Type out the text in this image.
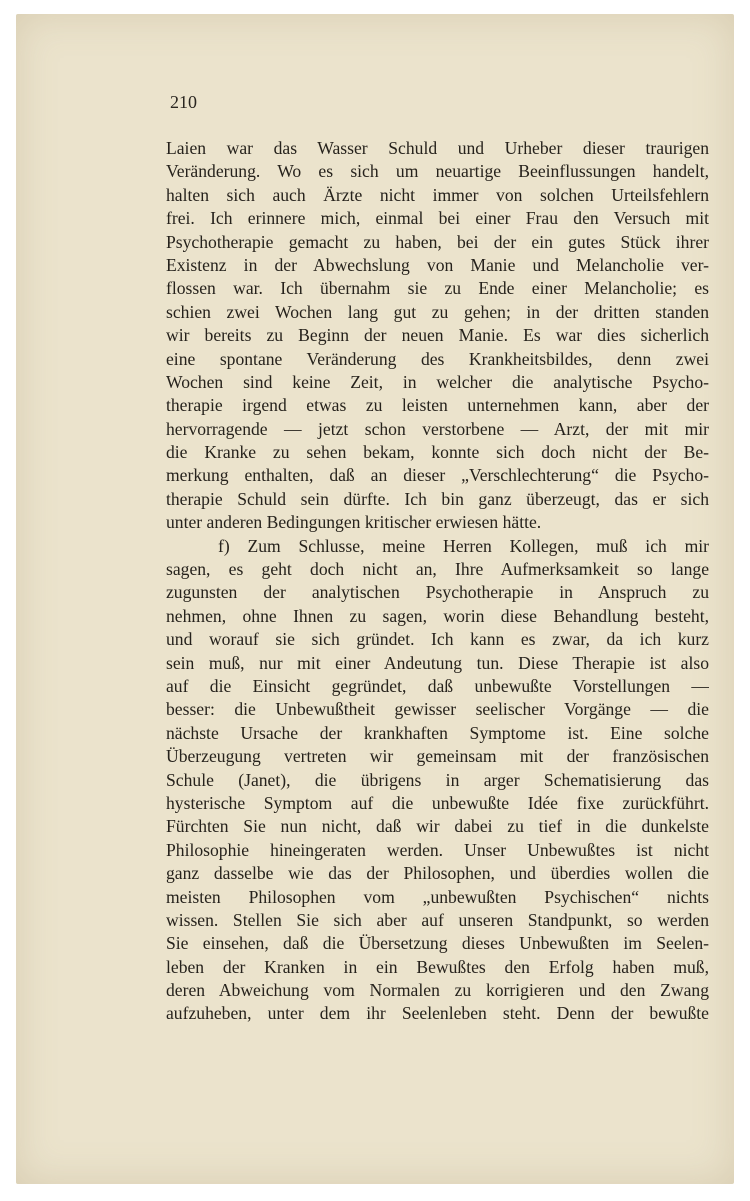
210

Laien war das Wasser Schuld und Urheber dieser traurigen
Veränderung. Wo es sich um neuartige Beeinflussungen handelt,
halten sich auch Ärzte nicht immer von solchen Urteilsfehlern
frei. Ich erinnere mich, einmal bei einer Frau den Versuch mit
Psychotherapie gemacht zu haben, bei der ein gutes Stück ihrer
Existenz in der Abwechslung von Manie und Melancholie ver-
flossen war. Ich übernahm sie zu Ende einer Melancholie; es
schien zwei Wochen lang gut zu gehen; in der dritten standen
wir bereits zu Beginn der neuen Manie. Es war dies sicherlich
eine spontane Veränderung des Krankheitsbildes, denn zwei
Wochen sind keine Zeit, in welcher die analytische Psycho-
therapie irgend etwas zu leisten unternehmen kann, aber der
hervorragende — jetzt schon verstorbene — Arzt, der mit mir
die Kranke zu sehen bekam, konnte sich doch nicht der Be-
merkung enthalten, daß an dieser „Verschlechterung“ die Psycho-
therapie Schuld sein dürfte. Ich bin ganz überzeugt, das er sich
unter anderen Bedingungen kritischer erwiesen hätte.
f) Zum Schlusse, meine Herren Kollegen, muß ich mir
sagen, es geht doch nicht an, Ihre Aufmerksamkeit so lange
zugunsten der analytischen Psychotherapie in Anspruch zu
nehmen, ohne Ihnen zu sagen, worin diese Behandlung besteht,
und worauf sie sich gründet. Ich kann es zwar, da ich kurz
sein muß, nur mit einer Andeutung tun. Diese Therapie ist also
auf die Einsicht gegründet, daß unbewußte Vorstellungen —
besser: die Unbewußtheit gewisser seelischer Vorgänge — die
nächste Ursache der krankhaften Symptome ist. Eine solche
Überzeugung vertreten wir gemeinsam mit der französischen
Schule (Janet), die übrigens in arger Schematisierung das
hysterische Symptom auf die unbewußte Idée fixe zurückführt.
Fürchten Sie nun nicht, daß wir dabei zu tief in die dunkelste
Philosophie hineingeraten werden. Unser Unbewußtes ist nicht
ganz dasselbe wie das der Philosophen, und überdies wollen die
meisten Philosophen vom „unbewußten Psychischen“ nichts
wissen. Stellen Sie sich aber auf unseren Standpunkt, so werden
Sie einsehen, daß die Übersetzung dieses Unbewußten im Seelen-
leben der Kranken in ein Bewußtes den Erfolg haben muß,
deren Abweichung vom Normalen zu korrigieren und den Zwang
aufzuheben, unter dem ihr Seelenleben steht. Denn der bewußte
